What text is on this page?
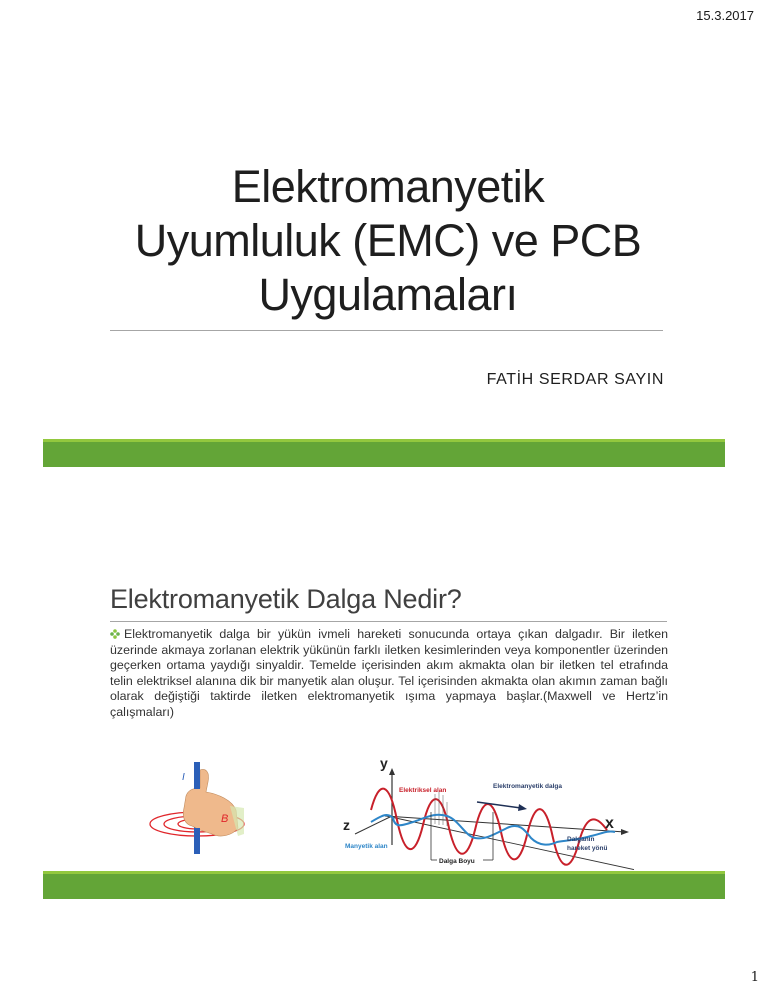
15.3.2017
Elektromanyetik
Uyumluluk (EMC) ve PCB
Uygulamaları
FATİH SERDAR SAYIN
Elektromanyetik Dalga Nedir?
Elektromanyetik dalga bir yükün ivmeli hareketi sonucunda ortaya çıkan dalgadır. Bir iletken üzerinde akmaya zorlanan elektrik yükünün farklı iletken kesimlerinden veya komponentler üzerinden geçerken ortama yaydığı sinyaldir. Temelde içerisinden akım akmakta olan bir iletken tel etrafında telin elektriksel alanına dik bir manyetik alan oluşur. Tel içerisinden akmakta olan akımın zaman bağlı olarak değiştiği taktirde iletken elektromanyetik ışıma yapmaya başlar.(Maxwell ve Hertz’in çalışmaları)
I
B
y
z	x
Elektriksel alan
Manyetik alan
Elektromanyetik dalga
Dalga Boyu
Dalganın
hareket yönü
1
